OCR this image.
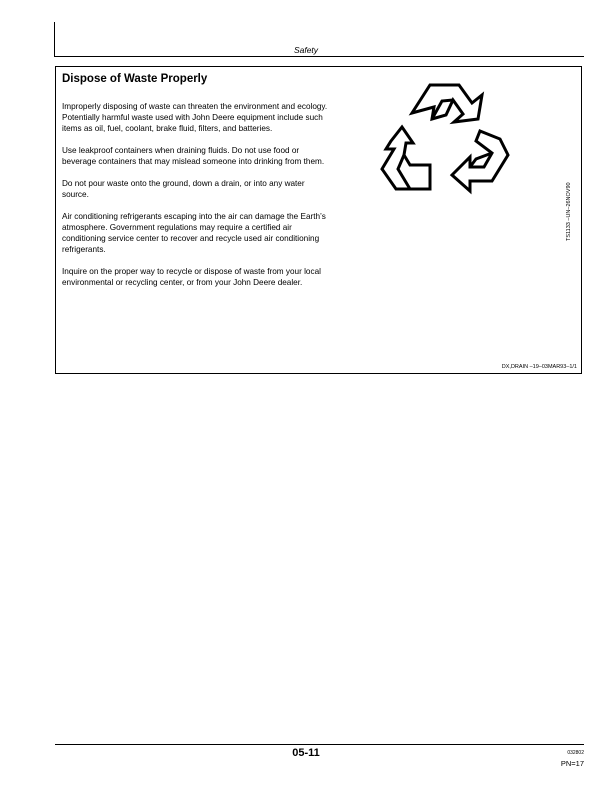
Safety
Dispose of Waste Properly

Improperly disposing of waste can threaten the environment and ecology. Potentially harmful waste used with John Deere equipment include such items as oil, fuel, coolant, brake fluid, filters, and batteries.

Use leakproof containers when draining fluids. Do not use food or beverage containers that may mislead someone into drinking from them.

Do not pour waste onto the ground, down a drain, or into any water source.

Air conditioning refrigerants escaping into the air can damage the Earth’s atmosphere. Government regulations may require a certified air conditioning service center to recover and recycle used air conditioning refrigerants.

Inquire on the proper way to recycle or dispose of waste from your local environmental or recycling center, or from your John Deere dealer.

TS1133 –UN–26NOV90
DX,DRAIN –19–03MAR93–1/1
05-11	032802
PN=17
